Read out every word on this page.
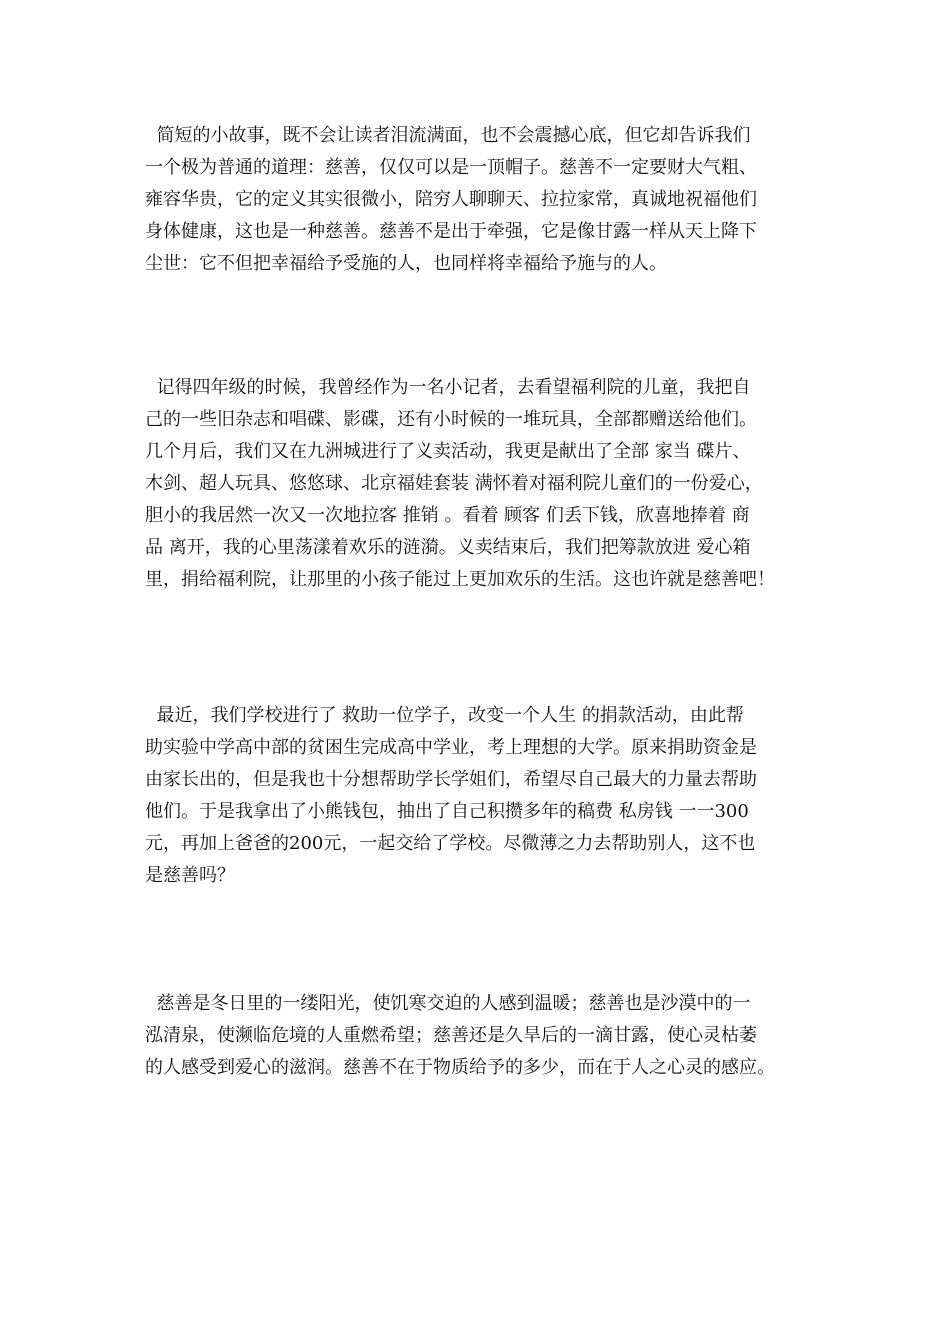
简短的小故事，既不会让读者泪流满面，也不会震撼心底，但它却告诉我们
一个极为普通的道理：慈善，仅仅可以是一顶帽子。慈善不一定要财大气粗、
雍容华贵，它的定义其实很微小，陪穷人聊聊天、拉拉家常，真诚地祝福他们
身体健康，这也是一种慈善。慈善不是出于牵强，它是像甘露一样从天上降下
尘世：它不但把幸福给予受施的人，也同样将幸福给予施与的人。
记得四年级的时候，我曾经作为一名小记者，去看望福利院的儿童，我把自
己的一些旧杂志和唱碟、影碟，还有小时候的一堆玩具，全部都赠送给他们。
几个月后，我们又在九洲城进行了义卖活动，我更是献出了全部 家当 碟片、
木剑、超人玩具、悠悠球、北京福娃套装 满怀着对福利院儿童们的一份爱心，
胆小的我居然一次又一次地拉客 推销 。看着 顾客 们丢下钱，欣喜地捧着 商
品 离开，我的心里荡漾着欢乐的涟漪。义卖结束后，我们把筹款放进 爱心箱
里，捐给福利院，让那里的小孩子能过上更加欢乐的生活。这也许就是慈善吧！
最近，我们学校进行了 救助一位学子，改变一个人生 的捐款活动，由此帮
助实验中学高中部的贫困生完成高中学业，考上理想的大学。原来捐助资金是
由家长出的，但是我也十分想帮助学长学姐们，希望尽自己最大的力量去帮助
他们。于是我拿出了小熊钱包，抽出了自己积攒多年的稿费 私房钱 一一300
元，再加上爸爸的200元，一起交给了学校。尽微薄之力去帮助别人，这不也
是慈善吗？
慈善是冬日里的一缕阳光，使饥寒交迫的人感到温暖；慈善也是沙漠中的一
泓清泉，使濒临危境的人重燃希望；慈善还是久旱后的一滴甘露，使心灵枯萎
的人感受到爱心的滋润。慈善不在于物质给予的多少，而在于人之心灵的感应。
